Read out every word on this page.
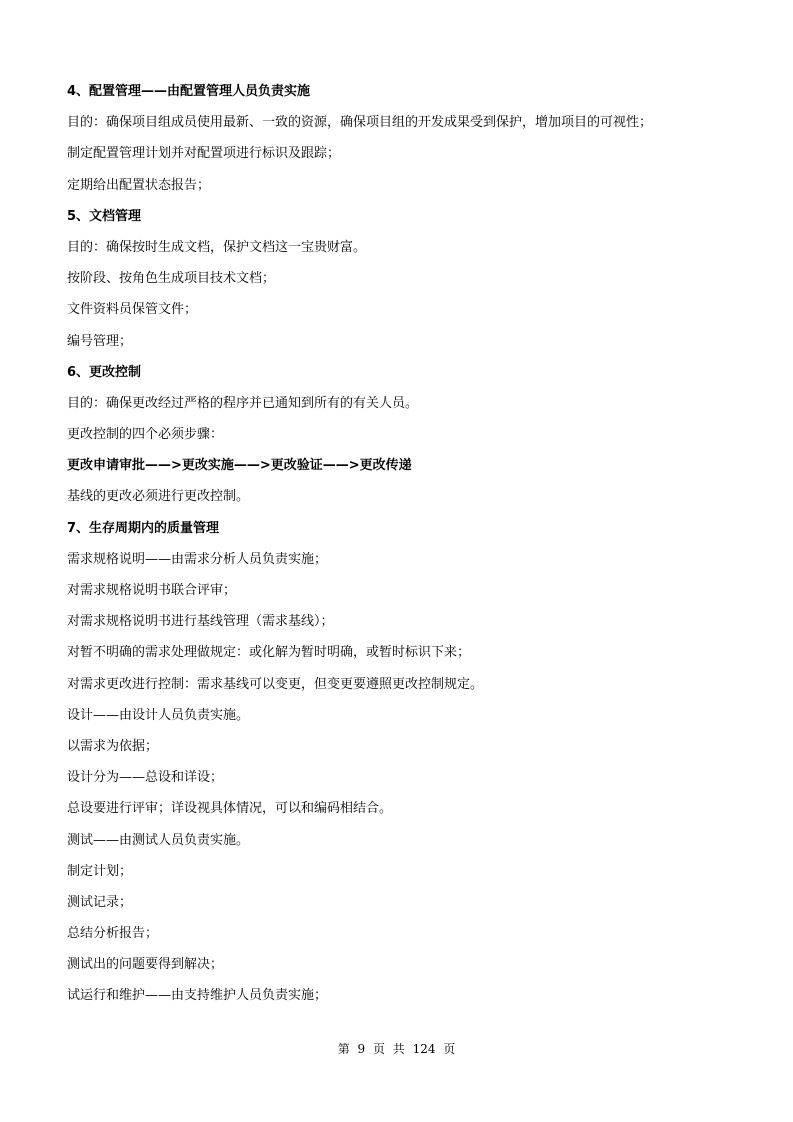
4、配置管理——由配置管理人员负责实施
目的：确保项目组成员使用最新、一致的资源，确保项目组的开发成果受到保护，增加项目的可视性；
制定配置管理计划并对配置项进行标识及跟踪；
定期给出配置状态报告；
5、文档管理
目的：确保按时生成文档，保护文档这一宝贵财富。
按阶段、按角色生成项目技术文档；
文件资料员保管文件；
编号管理；
6、更改控制
目的：确保更改经过严格的程序并已通知到所有的有关人员。
更改控制的四个必须步骤：
更改申请审批——>更改实施——>更改验证——>更改传递
基线的更改必须进行更改控制。
7、生存周期内的质量管理
需求规格说明——由需求分析人员负责实施；
对需求规格说明书联合评审；
对需求规格说明书进行基线管理（需求基线）；
对暂不明确的需求处理做规定：或化解为暂时明确，或暂时标识下来；
对需求更改进行控制：需求基线可以变更，但变更要遵照更改控制规定。
设计——由设计人员负责实施。
以需求为依据；
设计分为——总设和详设；
总设要进行评审；详设视具体情况，可以和编码相结合。
测试——由测试人员负责实施。
制定计划；
测试记录；
总结分析报告；
测试出的问题要得到解决；
试运行和维护——由支持维护人员负责实施；
第 9 页 共 124 页
